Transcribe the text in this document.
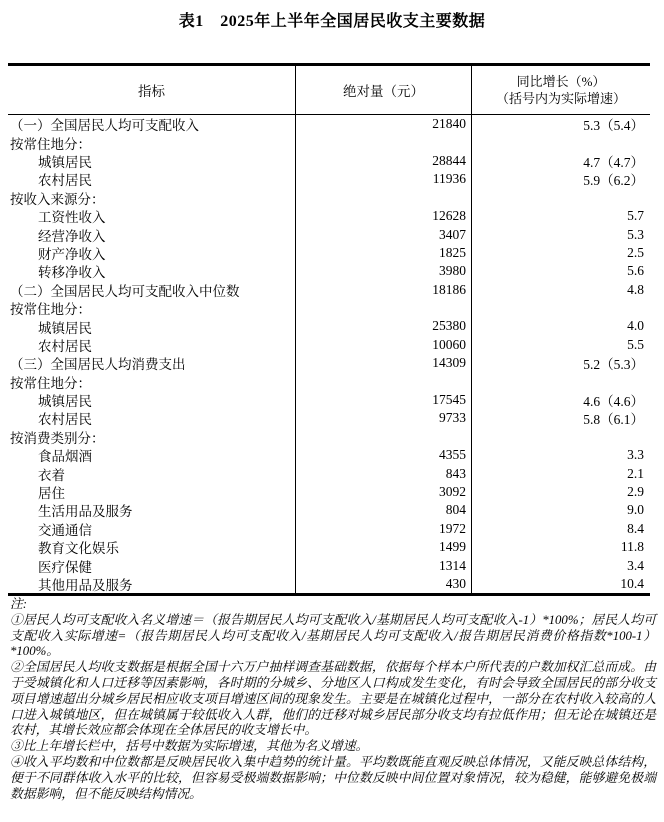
表1　2025年上半年全国居民收支主要数据
指标	绝对量（元）
同比增长（%）
（括号内为实际增速）
（一）全国居民人均可支配收入	21840	5.3（5.4）
按常住地分：
城镇居民	28844	4.7（4.7）
农村居民	11936	5.9（6.2）
按收入来源分：
工资性收入	12628	5.7
经营净收入	3407	5.3
财产净收入	1825	2.5
转移净收入	3980	5.6
（二）全国居民人均可支配收入中位数	18186	4.8
按常住地分：
城镇居民	25380	4.0
农村居民	10060	5.5
（三）全国居民人均消费支出	14309	5.2（5.3）
按常住地分：
城镇居民	17545	4.6（4.6）
农村居民	9733	5.8（6.1）
按消费类别分：
食品烟酒	4355	3.3
衣着	843	2.1
居住	3092	2.9
生活用品及服务	804	9.0
交通通信	1972	8.4
教育文化娱乐	1499	11.8
医疗保健	1314	3.4
其他用品及服务	430	10.4

注:

①居民人均可支配收入名义增速＝（报告期居民人均可支配收入/基期居民人均可支配收入-1）*100%；居民人均可支配收入实际增速=（报告期居民人均可支配收入/基期居民人均可支配收入/报告期居民消费价格指数*100-1）*100%。

②全国居民人均收支数据是根据全国十六万户抽样调查基础数据，依据每个样本户所代表的户数加权汇总而成。由于受城镇化和人口迁移等因素影响，各时期的分城乡、分地区人口构成发生变化，有时会导致全国居民的部分收支项目增速超出分城乡居民相应收支项目增速区间的现象发生。主要是在城镇化过程中，一部分在农村收入较高的人口进入城镇地区，但在城镇属于较低收入人群，他们的迁移对城乡居民部分收支均有拉低作用；但无论在城镇还是农村，其增长效应都会体现在全体居民的收支增长中。

③比上年增长栏中，括号中数据为实际增速，其他为名义增速。

④收入平均数和中位数都是反映居民收入集中趋势的统计量。平均数既能直观反映总体情况，又能反映总体结构，便于不同群体收入水平的比较，但容易受极端数据影响；中位数反映中间位置对象情况，较为稳健，能够避免极端数据影响，但不能反映结构情况。
